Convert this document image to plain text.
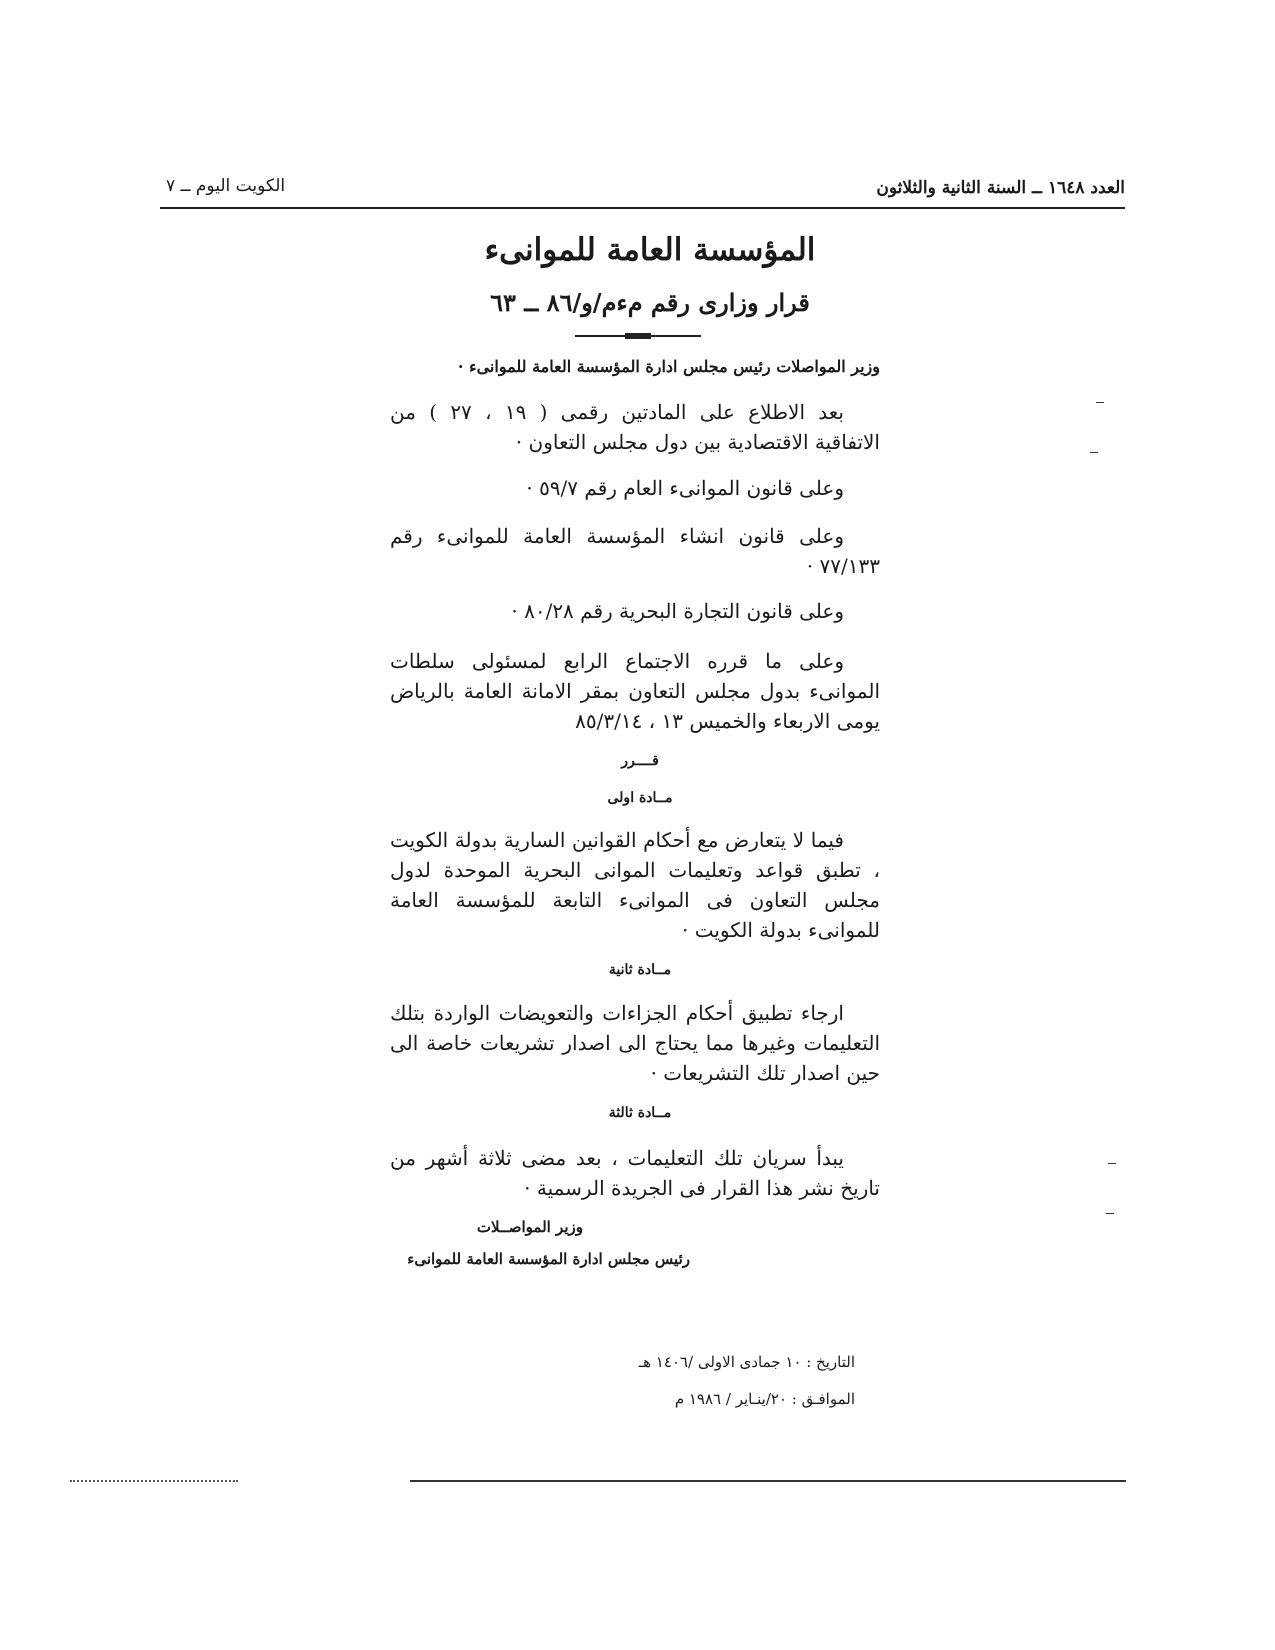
الكويت اليوم ــ ٧	العدد ١٦٤٨ ــ السنة الثانية والثلاثون
المؤسسة العامة للموانىء
قرار وزارى رقم مءم/و/٨٦ ــ ٦٣

وزير المواصلات رئيس مجلس ادارة المؤسسة العامة للموانىء ·

بعد الاطلاع على المادتين رقمى ( ١٩ ، ٢٧ ) من الاتفاقية الاقتصادية بين دول مجلس التعاون ·

وعلى قانون الموانىء العام رقم ٥٩/٧ ·

وعلى قانون انشاء المؤسسة العامة للموانىء رقم ٧٧/١٣٣ ·

وعلى قانون التجارة البحرية رقم ٨٠/٢٨ ·

وعلى ما قرره الاجتماع الرابع لمسئولى سلطات الموانىء بدول مجلس التعاون بمقر الامانة العامة بالرياض يومى الاربعاء والخميس ١٣ ، ٨٥/٣/١٤

قــــرر
مــادة اولى

فيما لا يتعارض مع أحكام القوانين السارية بدولة الكويت ، تطبق قواعد وتعليمات الموانى البحرية الموحدة لدول مجلس التعاون فى الموانىء التابعة للمؤسسة العامة للموانىء بدولة الكويت ·

مــادة ثانية

ارجاء تطبيق أحكام الجزاءات والتعويضات الواردة بتلك التعليمات وغيرها مما يحتاج الى اصدار تشريعات خاصة الى حين اصدار تلك التشريعات ·

مــادة ثالثة

يبدأ سريان تلك التعليمات ، بعد مضى ثلاثة أشهر من تاريخ نشر هذا القرار فى الجريدة الرسمية ·

وزير المواصــلات
رئيس مجلس ادارة المؤسسة العامة للموانىء
التاريخ : ١٠ جمادى الاولى /١٤٠٦ هـ
الموافـق : ٢٠/ينـاير / ١٩٨٦ م
